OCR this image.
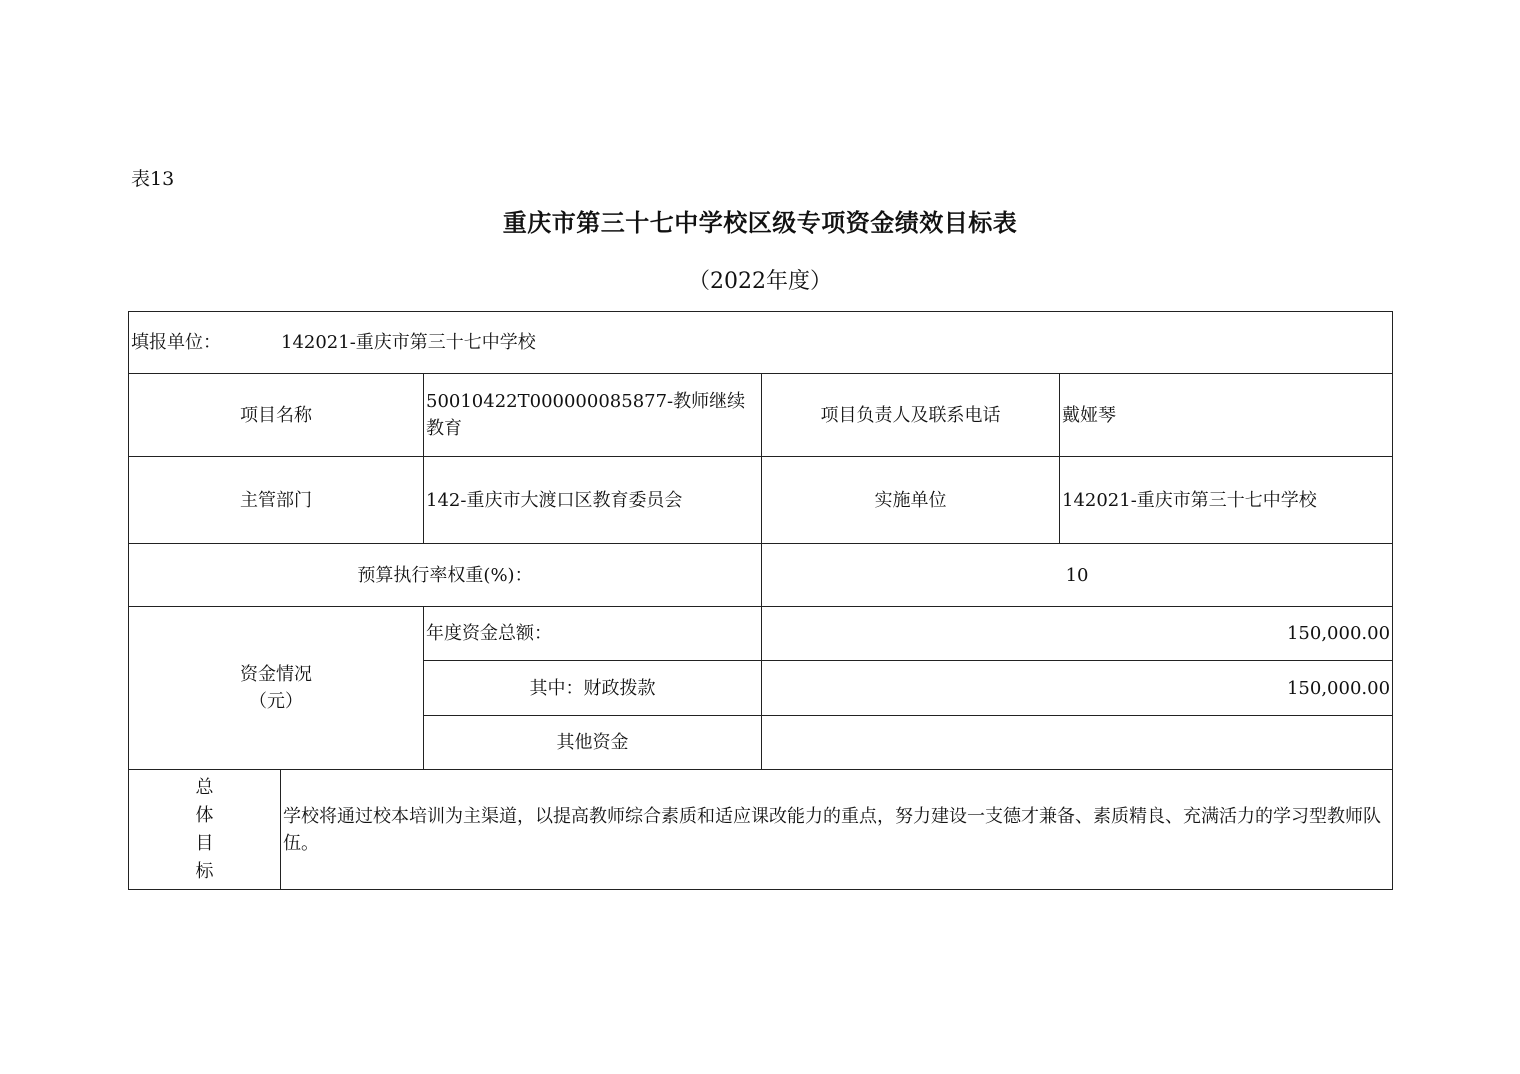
表13
重庆市第三十七中学校区级专项资金绩效目标表
（2022年度）
填报单位： 142021-重庆市第三十七中学校				
项目名称		50010422T000000085877-教师继续教育	项目负责人及联系电话	戴娅琴
主管部门		142-重庆市大渡口区教育委员会	实施单位	142021-重庆市第三十七中学校
预算执行率权重(%)：			10	

资金情况
（元）		年度资金总额：	150,000.00	
		其中：财政拨款	150,000.00	
		其他资金		

总
体
目
标	学校将通过校本培训为主渠道，以提高教师综合素质和适应课改能力的重点，努力建设一支德才兼备、素质精良、充满活力的学习型教师队伍。			
